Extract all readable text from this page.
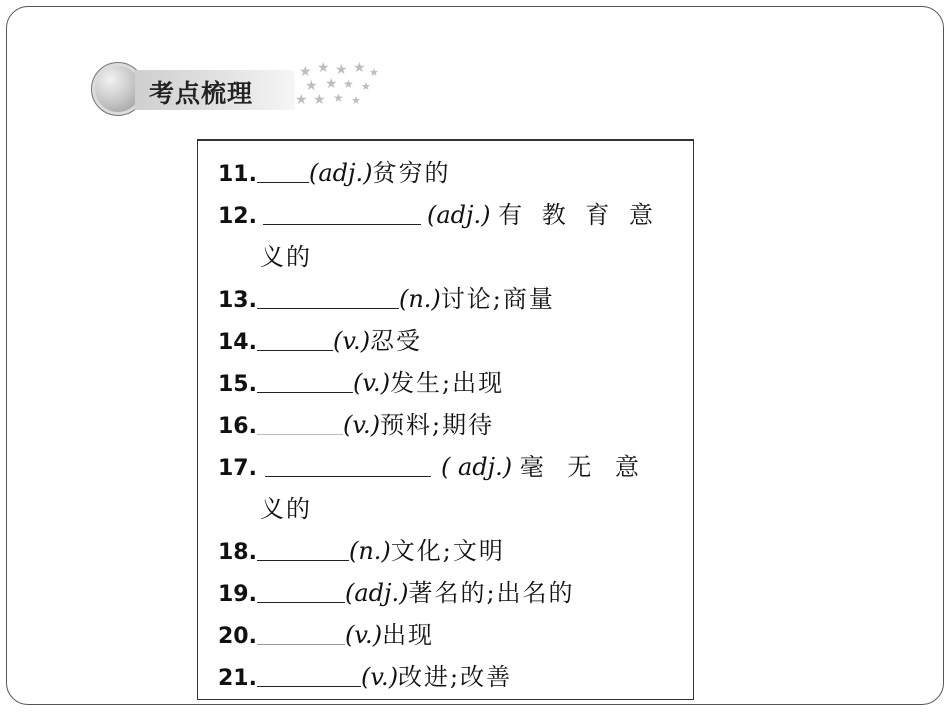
考点梳理
★ ★ ★ ★ ★
★ ★ ★ ★
★ ★ ★ ★
11. (adj.)贫穷的
12.	(adj.) 有 教 育 意
义的
13.	(n.)讨论;商量
14.	(v.)忍受
15.	(v.)发生;出现
16.	(v.)预料;期待
17.	( adj.) 毫 无 意
义的
18.	(n.)文化;文明
19.	(adj.)著名的;出名的
20.	(v.)出现
21.	(v.)改进;改善
